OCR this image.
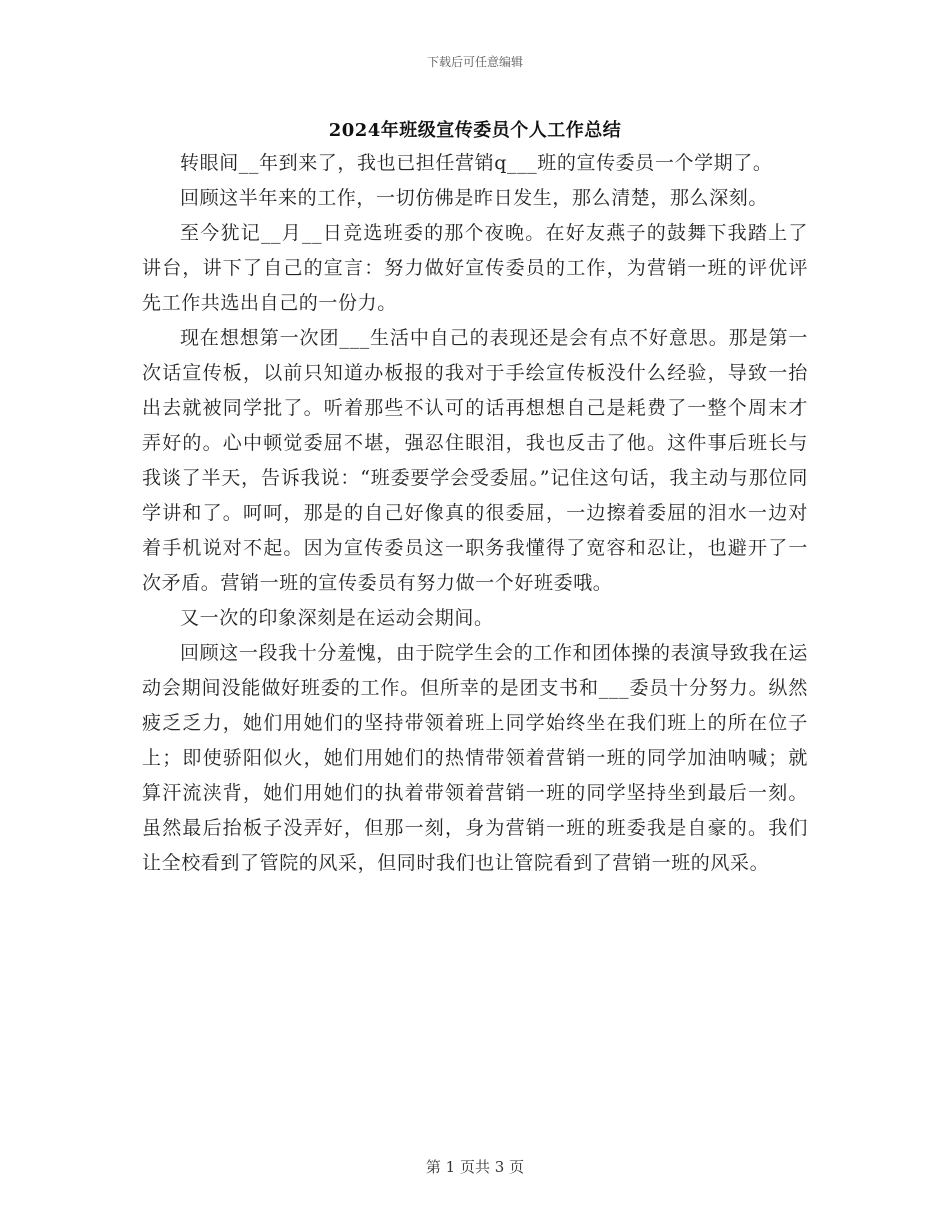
下载后可任意编辑
2024年班级宣传委员个人工作总结

转眼间__年到来了，我也已担任营销q___班的宣传委员一个学期了。

回顾这半年来的工作，一切仿佛是昨日发生，那么清楚，那么深刻。

至今犹记__月__日竞选班委的那个夜晚。在好友燕子的鼓舞下我踏上了讲台，讲下了自己的宣言：努力做好宣传委员的工作，为营销一班的评优评先工作共选出自己的一份力。

现在想想第一次团___生活中自己的表现还是会有点不好意思。那是第一次话宣传板，以前只知道办板报的我对于手绘宣传板没什么经验，导致一抬出去就被同学批了。听着那些不认可的话再想想自己是耗费了一整个周末才弄好的。心中顿觉委屈不堪，强忍住眼泪，我也反击了他。这件事后班长与我谈了半天，告诉我说：“班委要学会受委屈。”记住这句话，我主动与那位同学讲和了。呵呵，那是的自己好像真的很委屈，一边擦着委屈的泪水一边对着手机说对不起。因为宣传委员这一职务我懂得了宽容和忍让，也避开了一次矛盾。营销一班的宣传委员有努力做一个好班委哦。

又一次的印象深刻是在运动会期间。

回顾这一段我十分羞愧，由于院学生会的工作和团体操的表演导致我在运动会期间没能做好班委的工作。但所幸的是团支书和___委员十分努力。纵然疲乏乏力，她们用她们的坚持带领着班上同学始终坐在我们班上的所在位子上；即使骄阳似火，她们用她们的热情带领着营销一班的同学加油呐喊；就算汗流浃背，她们用她们的执着带领着营销一班的同学坚持坐到最后一刻。虽然最后抬板子没弄好，但那一刻，身为营销一班的班委我是自豪的。我们让全校看到了管院的风采，但同时我们也让管院看到了营销一班的风采。

第 1 页共 3 页
